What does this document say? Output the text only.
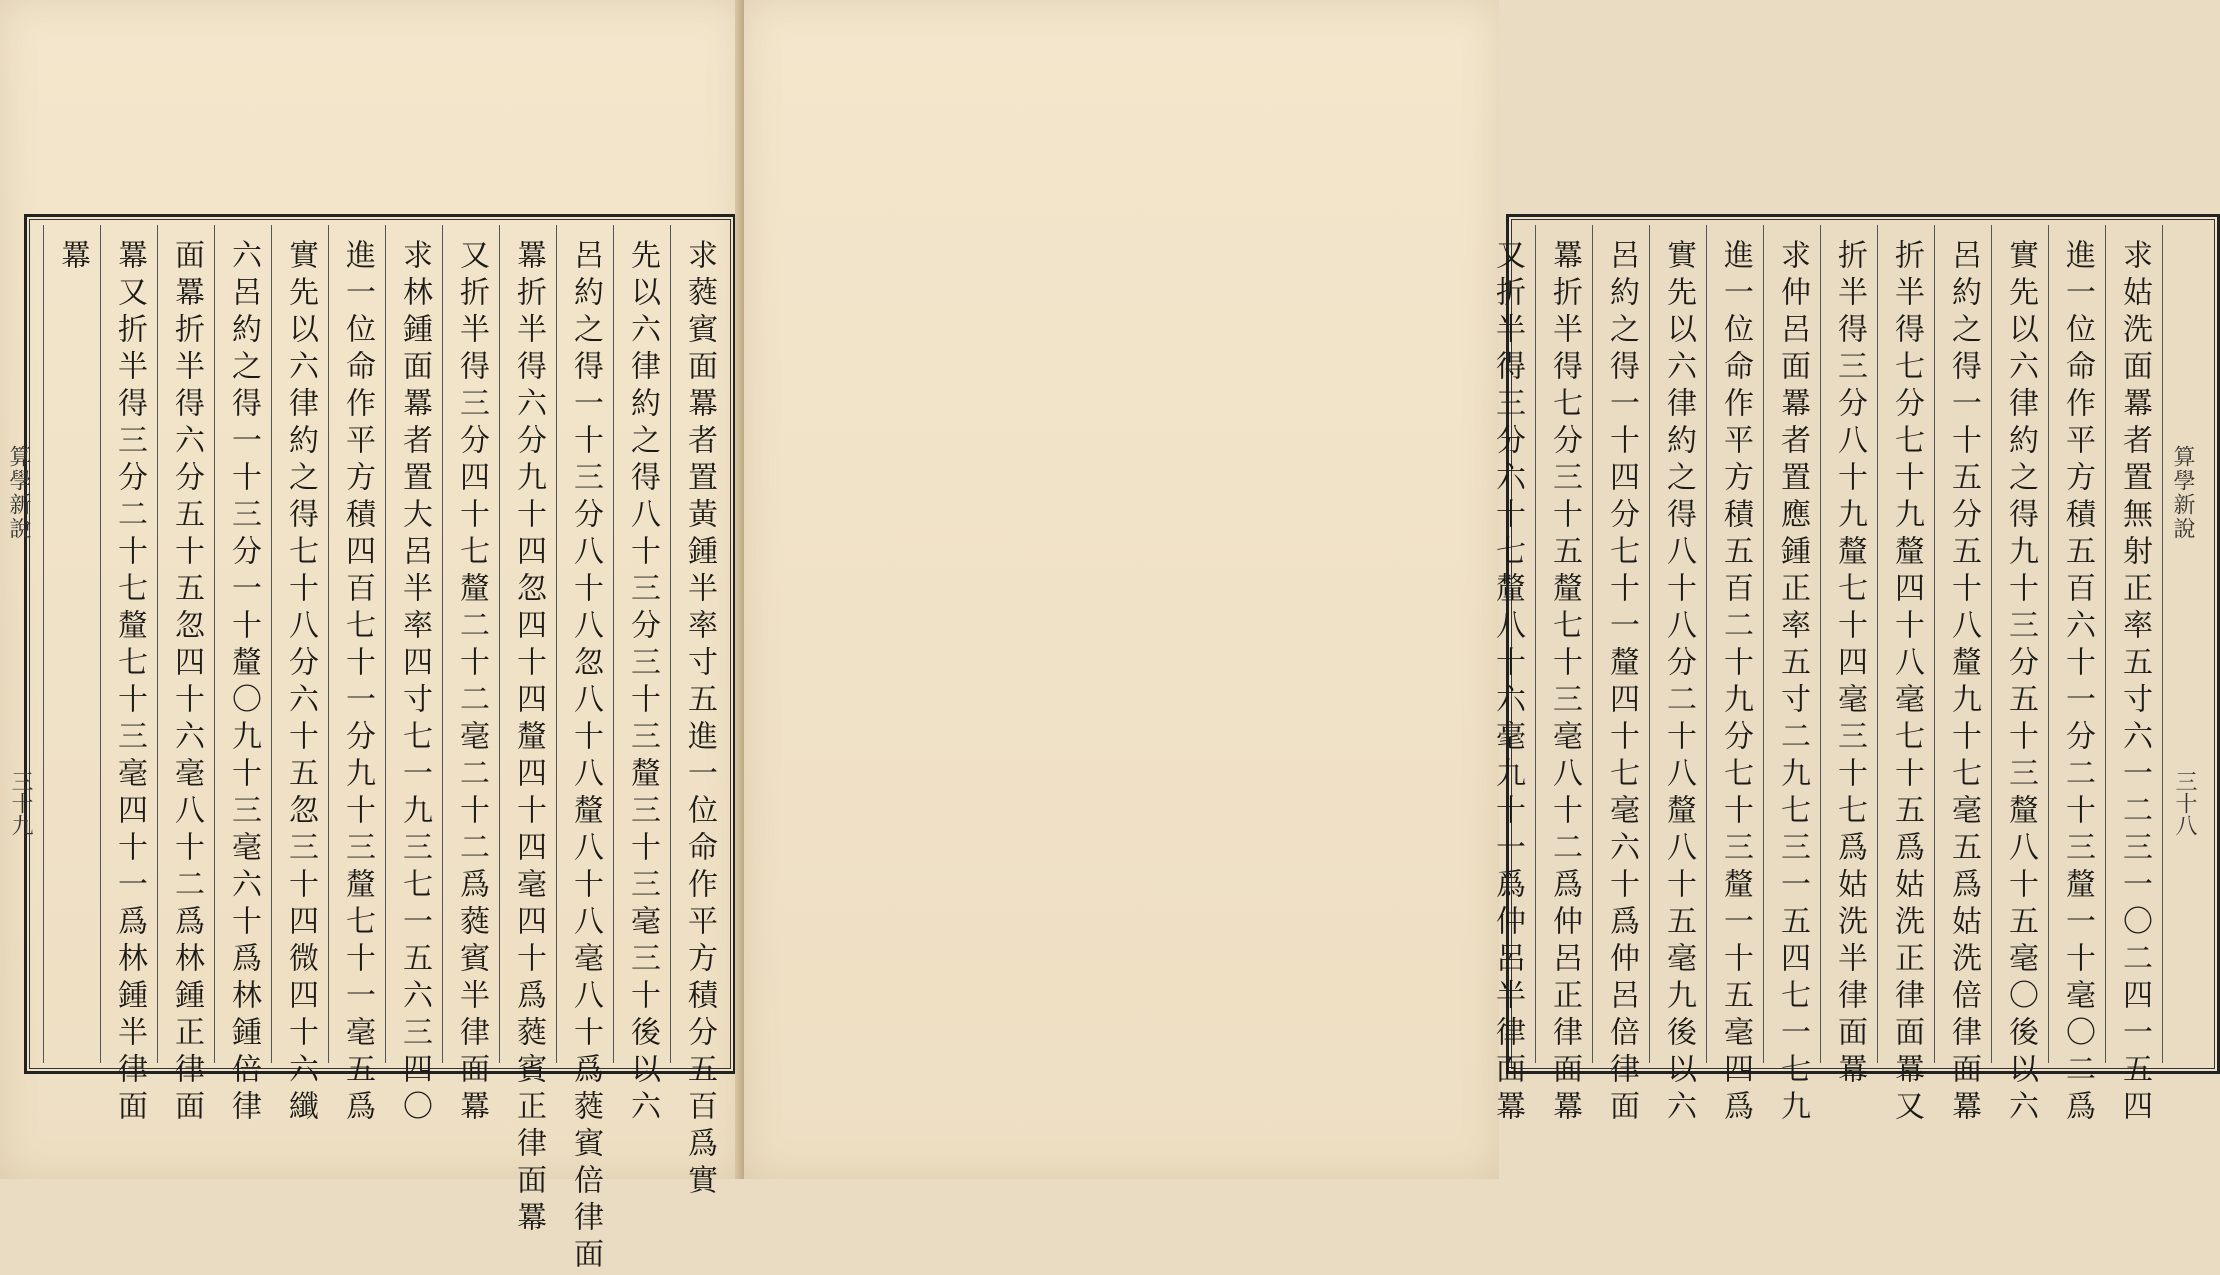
求蕤賓面羃者置黃鍾半率寸五進一位命作平方積分五百爲實
先以六律約之得八十三分三十三釐三十三毫三十後以六
呂約之得一十三分八十八忽八十八釐八十八毫八十爲蕤賓倍律面
羃折半得六分九十四忽四十四釐四十四毫四十爲蕤賓正律面羃
又折半得三分四十七釐二十二毫二十二爲蕤賓半律面羃
求林鍾面羃者置大呂半率四寸七一九三七一五六三四〇
進一位命作平方積四百七十一分九十三釐七十一毫五爲
實先以六律約之得七十八分六十五忽三十四微四十六纖
六呂約之得一十三分一十釐〇九十三毫六十爲林鍾倍律
面羃折半得六分五十五忽四十六毫八十二爲林鍾正律面
羃又折半得三分二十七釐七十三毫四十一爲林鍾半律面
羃
算學新說
三十九
算學新說
三十八
求姑洗面羃者置無射正率五寸六一二三一〇二四一五四
進一位命作平方積五百六十一分二十三釐一十毫〇二爲
實先以六律約之得九十三分五十三釐八十五毫〇後以六
呂約之得一十五分五十八釐九十七毫五爲姑洗倍律面羃
折半得七分七十九釐四十八毫七十五爲姑洗正律面羃又
折半得三分八十九釐七十四毫三十七爲姑洗半律面羃
求仲呂面羃者置應鍾正率五寸二九七三一五四七一七九
進一位命作平方積五百二十九分七十三釐一十五毫四爲
實先以六律約之得八十八分二十八釐八十五毫九後以六
呂約之得一十四分七十一釐四十七毫六十爲仲呂倍律面
羃折半得七分三十五釐七十三毫八十二爲仲呂正律面羃
又折半得三分六十七釐八十六毫九十一爲仲呂半律面羃
